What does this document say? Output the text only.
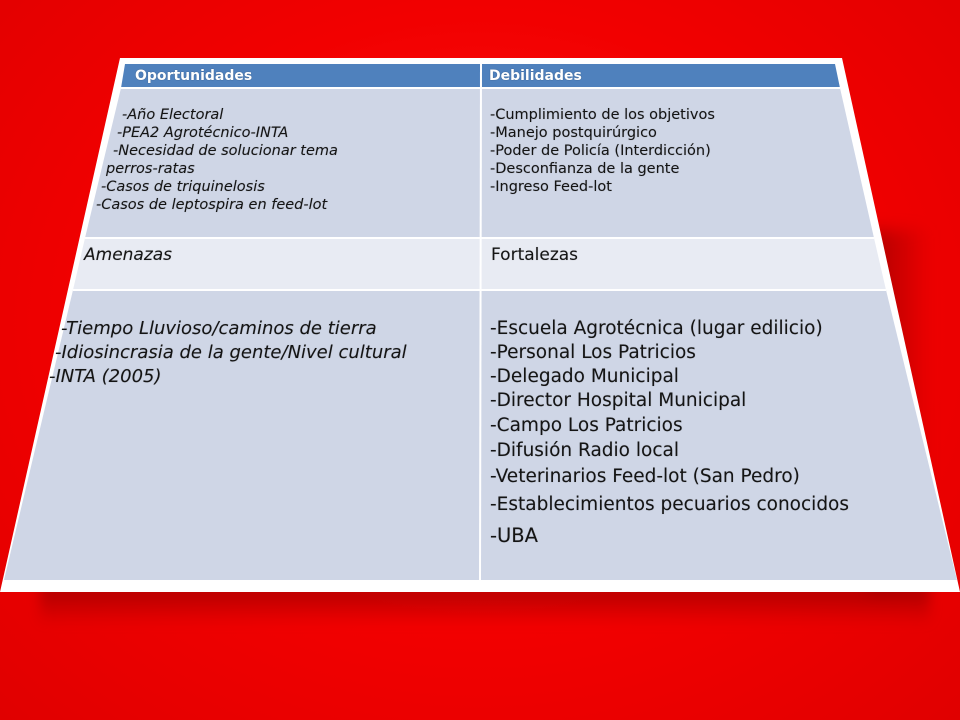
Oportunidades	Debilidades
-Año Electoral
-PEA2 Agrotécnico-INTA
-Necesidad de solucionar tema
perros-ratas
-Casos de triquinelosis
-Casos de leptospira en feed-lot
-Cumplimiento de los objetivos
-Manejo postquirúrgico
-Poder de Policía (Interdicción)
-Desconfianza de la gente
-Ingreso Feed-lot
Amenazas	Fortalezas
-Tiempo Lluvioso/caminos de tierra
-Idiosincrasia de la gente/Nivel cultural
-INTA (2005)
-Escuela Agrotécnica (lugar edilicio)
-Personal Los Patricios
-Delegado Municipal
-Director Hospital Municipal
-Campo Los Patricios
-Difusión Radio local
-Veterinarios Feed-lot (San Pedro)
-Establecimientos pecuarios conocidos
-UBA
